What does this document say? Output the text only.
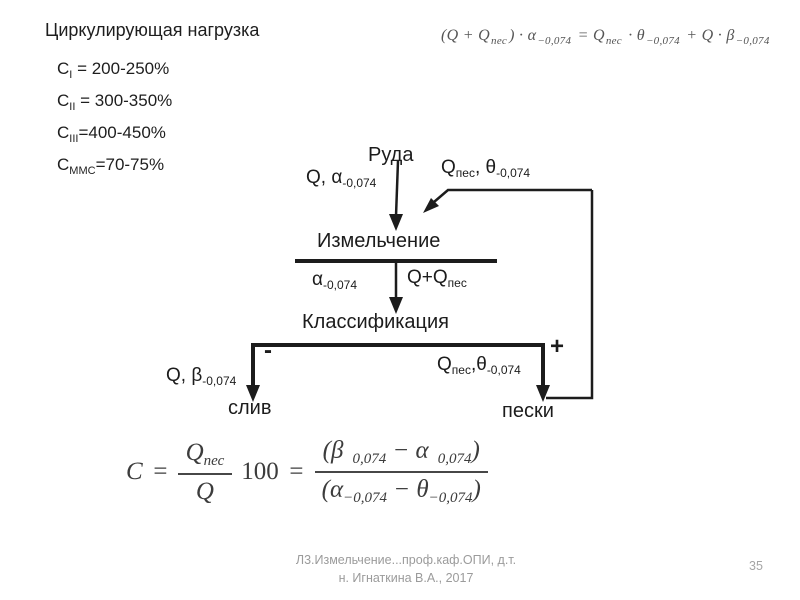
Циркулирующая нагрузка
$C_I = 200-250\%$
$C_{II} = 300-350\%$
$C_{III}=400-450\%$
$C_{ММС}=70-75\%$
($Q + Q_{пес}$ ) · $\alpha_{-0,074} = Q_{пес} \cdot \theta_{-0,074} + Q \cdot \beta_{-0,074}$
Руда
Q, $\alpha_{-0,074}$
$Q_{пес}$, $\theta_{-0,074}$
Измельчение
$\alpha_{-0,074}$	$Q+Q_{пес}$
Классификация
-
Q, $\beta_{-0,074}$
слив
$Q_{пес},\theta_{-0,074}$
+
пески
$C = \frac{Q_{пес}}{Q} 100 = \frac{(\beta _{0,074} - \alpha _{0,074})}{(\alpha_{-0,074} - \theta_{-0,074})}$
Л3.Измельчение...проф.каф.ОПИ, д.т.
н. Игнаткина В.А., 2017
35
